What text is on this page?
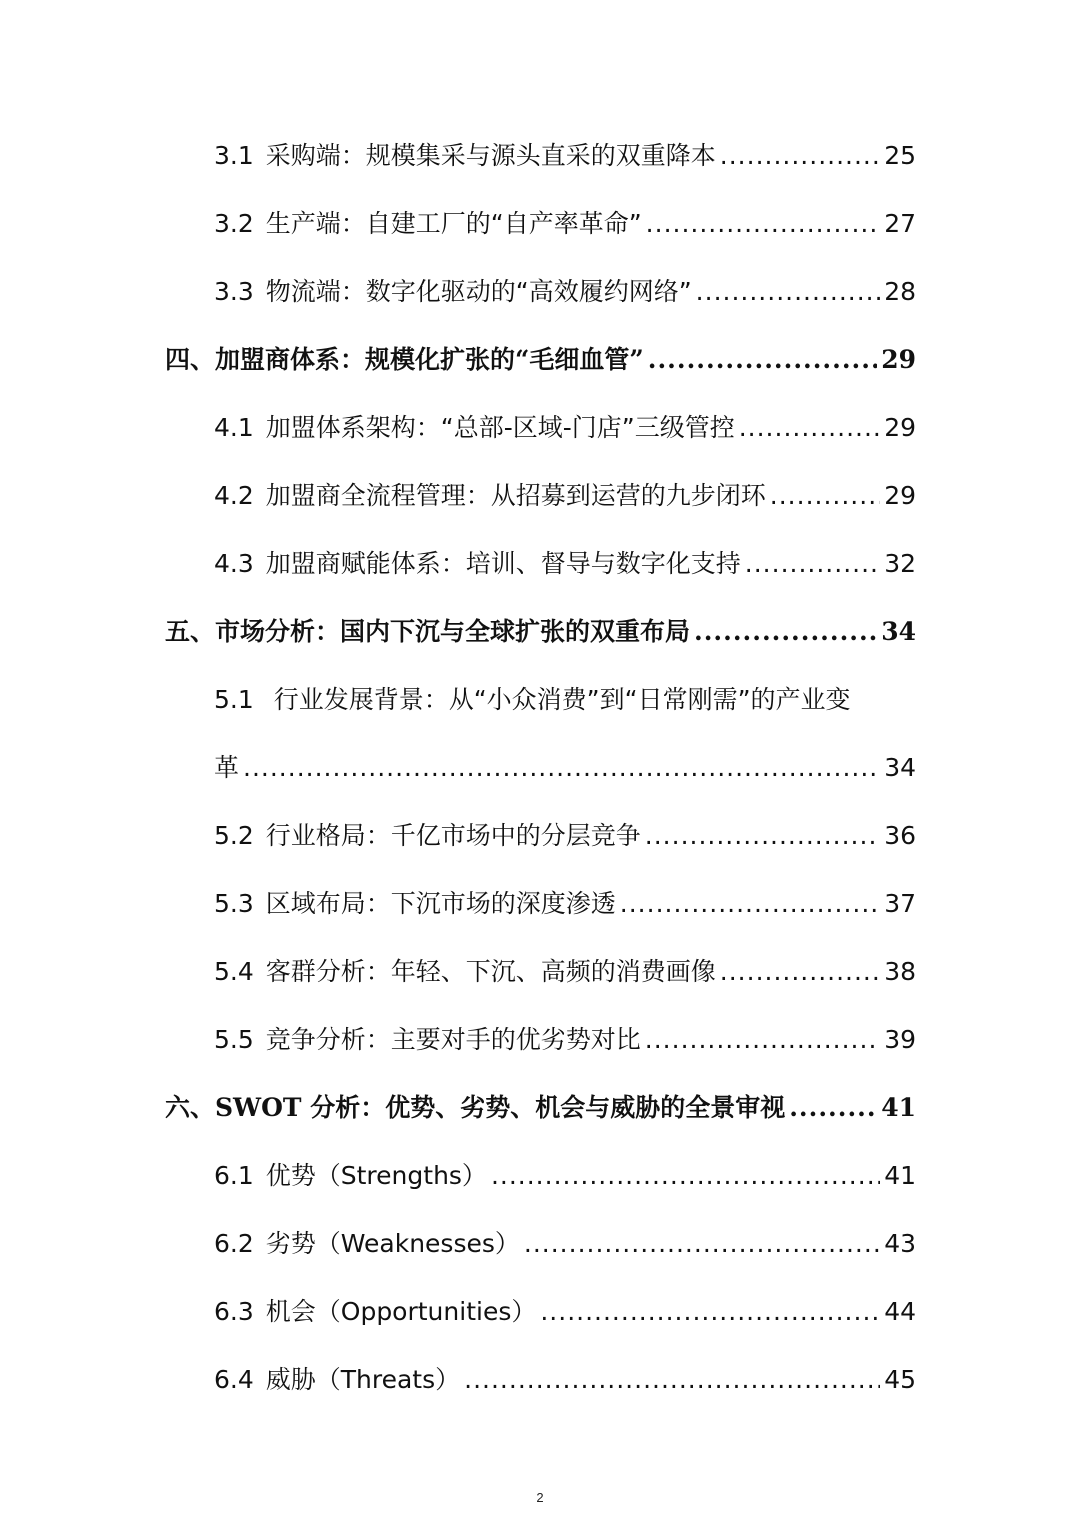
3.1 采购端：规模集采与源头直采的双重降本 .....	25
3.2 生产端：自建工厂的“自产率革命” .....	27
3.3 物流端：数字化驱动的“高效履约网络” .....	28
四、加盟商体系：规模化扩张的“毛细血管” .....	29
4.1 加盟体系架构：“总部-区域-门店”三级管控 .....	29
4.2 加盟商全流程管理：从招募到运营的九步闭环 .....	29
4.3 加盟商赋能体系：培训、督导与数字化支持 .....	32
五、市场分析：国内下沉与全球扩张的双重布局 .....	34
5.1 行业发展背景：从“小众消费”到“日常刚需”的产业变
革 .....	34
5.2 行业格局：千亿市场中的分层竞争 .....	36
5.3 区域布局：下沉市场的深度渗透 .....	37
5.4 客群分析：年轻、下沉、高频的消费画像 .....	38
5.5 竞争分析：主要对手的优劣势对比 .....	39
六、SWOT 分析：优势、劣势、机会与威胁的全景审视 .....	41
6.1 优势（Strengths） .....	41
6.2 劣势（Weaknesses） .....	43
6.3 机会（Opportunities） .....	44
6.4 威胁（Threats） .....	45
2
